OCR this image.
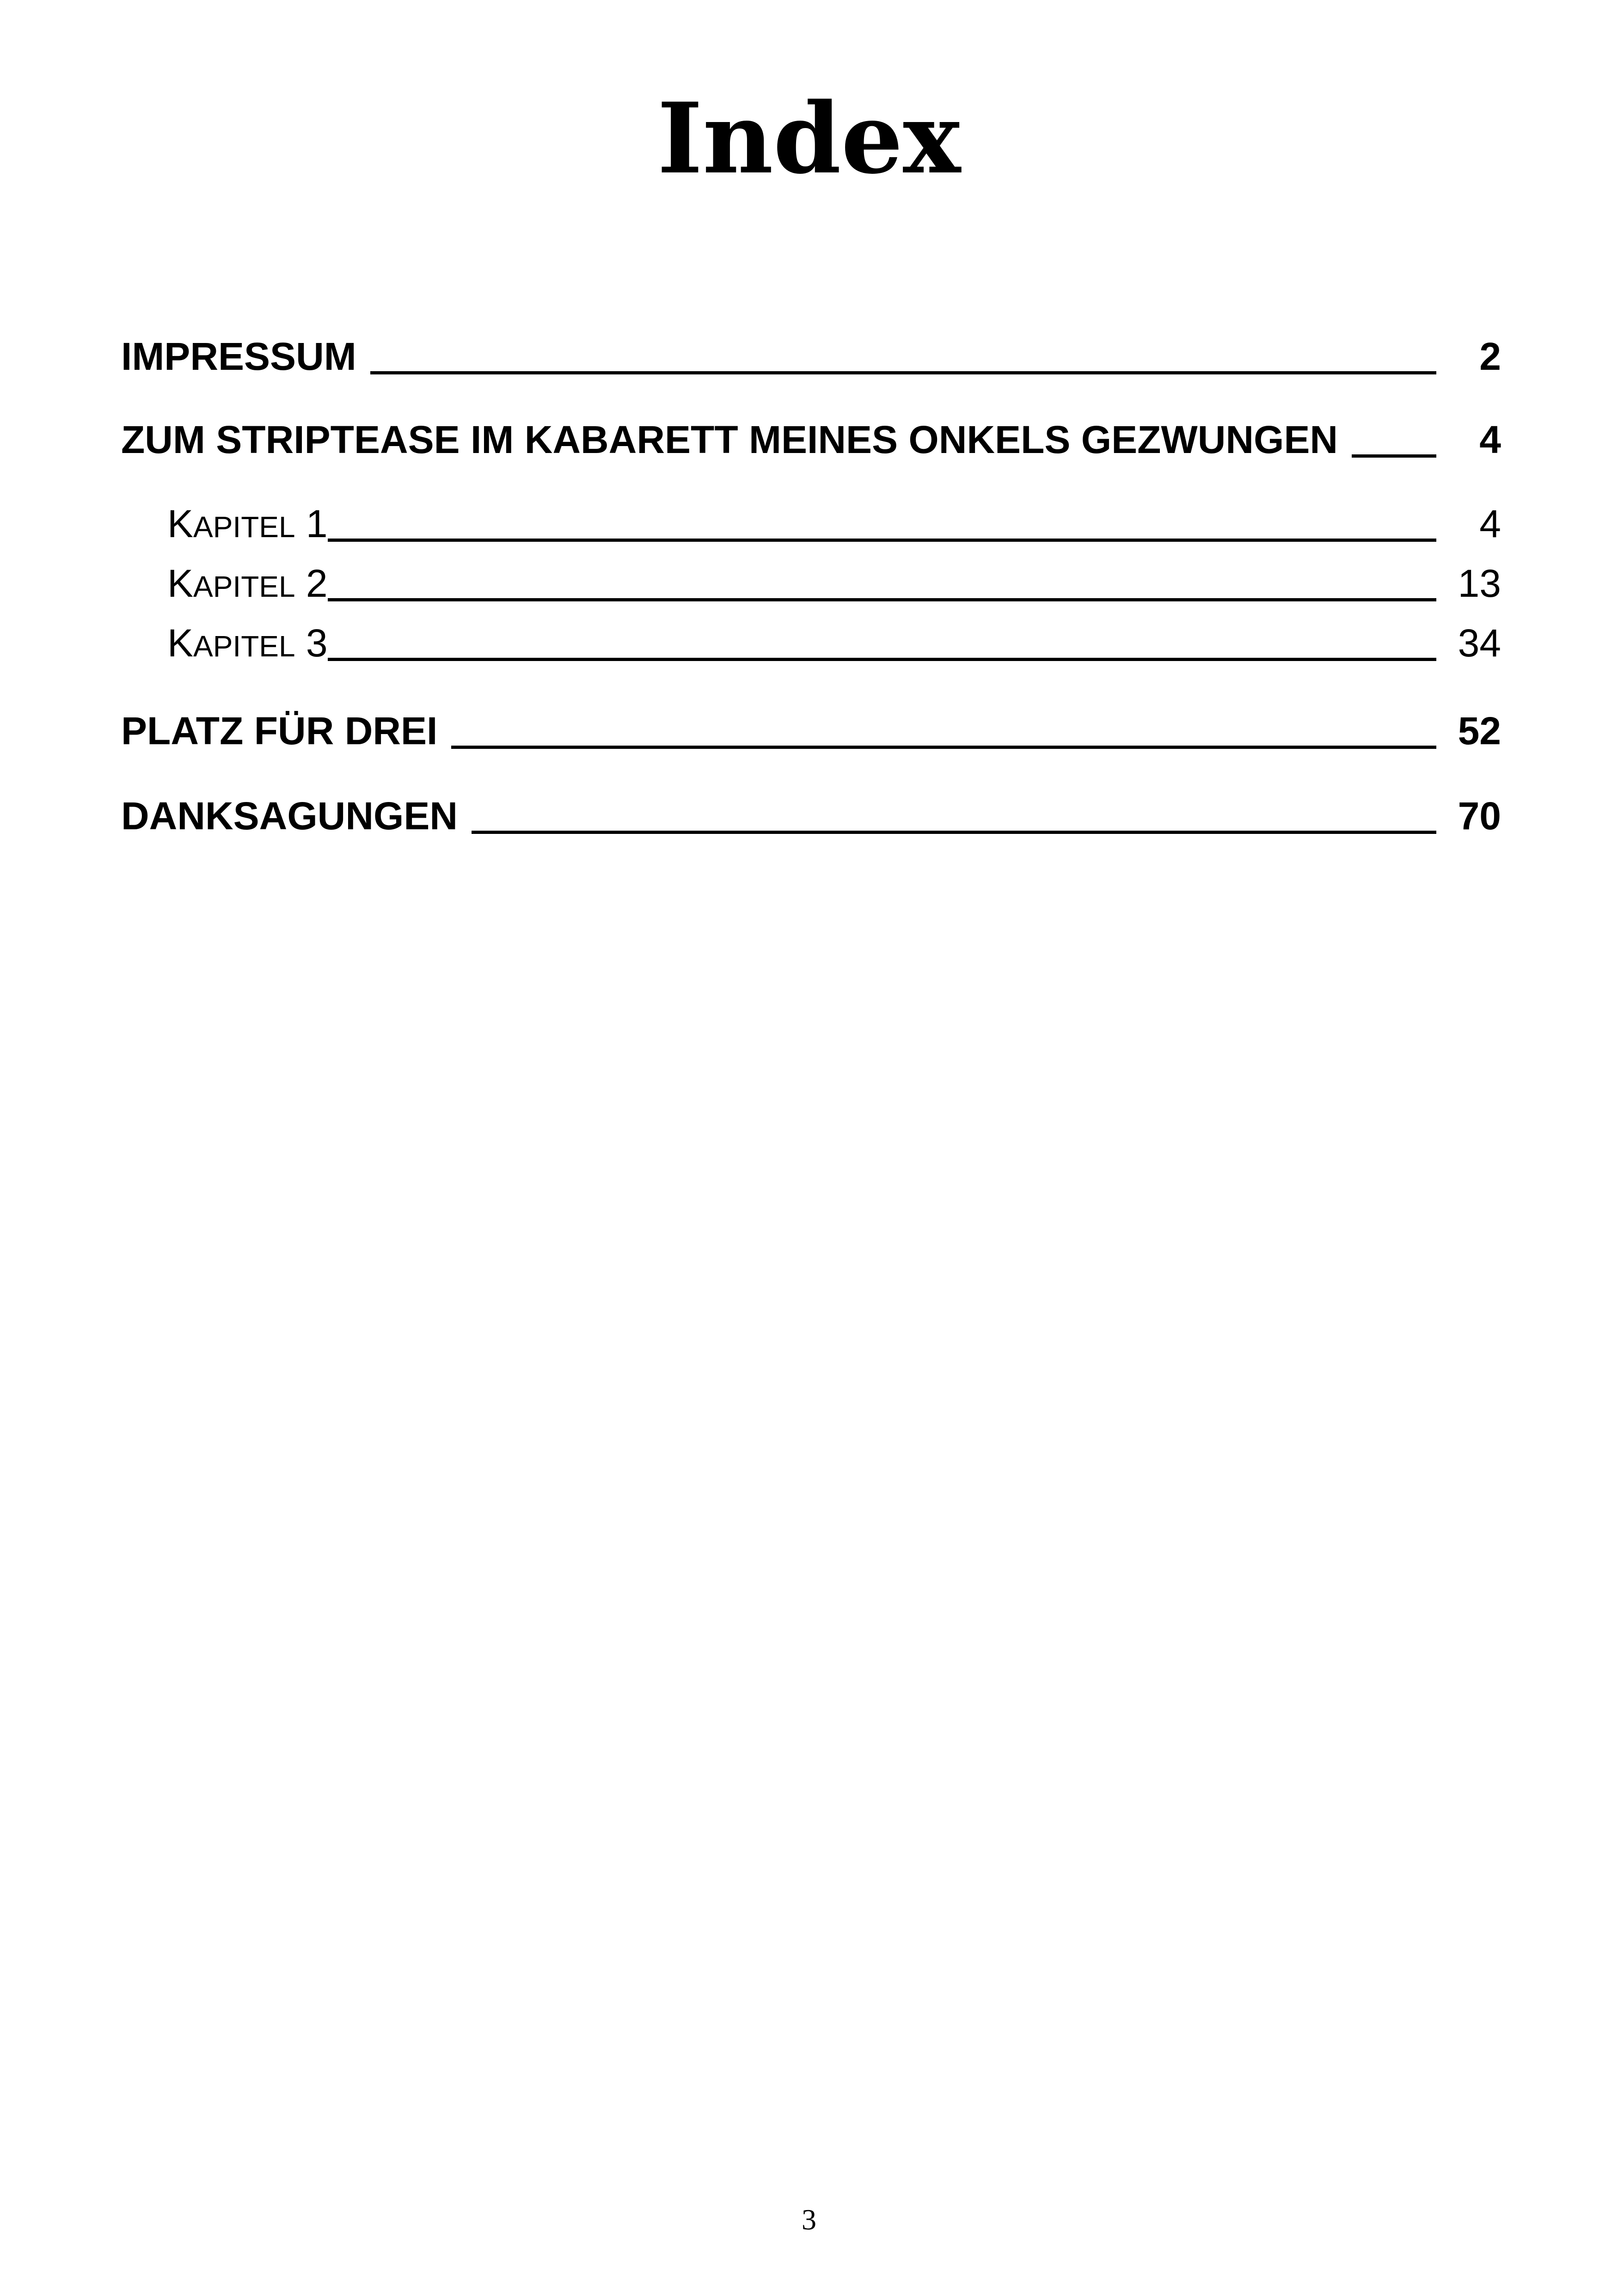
Index
IMPRESSUM	2
ZUM STRIPTEASE IM KABARETT MEINES ONKELS GEZWUNGEN	4
KAPITEL 1	4
KAPITEL 2	13
KAPITEL 3	34
PLATZ FÜR DREI	52
DANKSAGUNGEN	70
3
